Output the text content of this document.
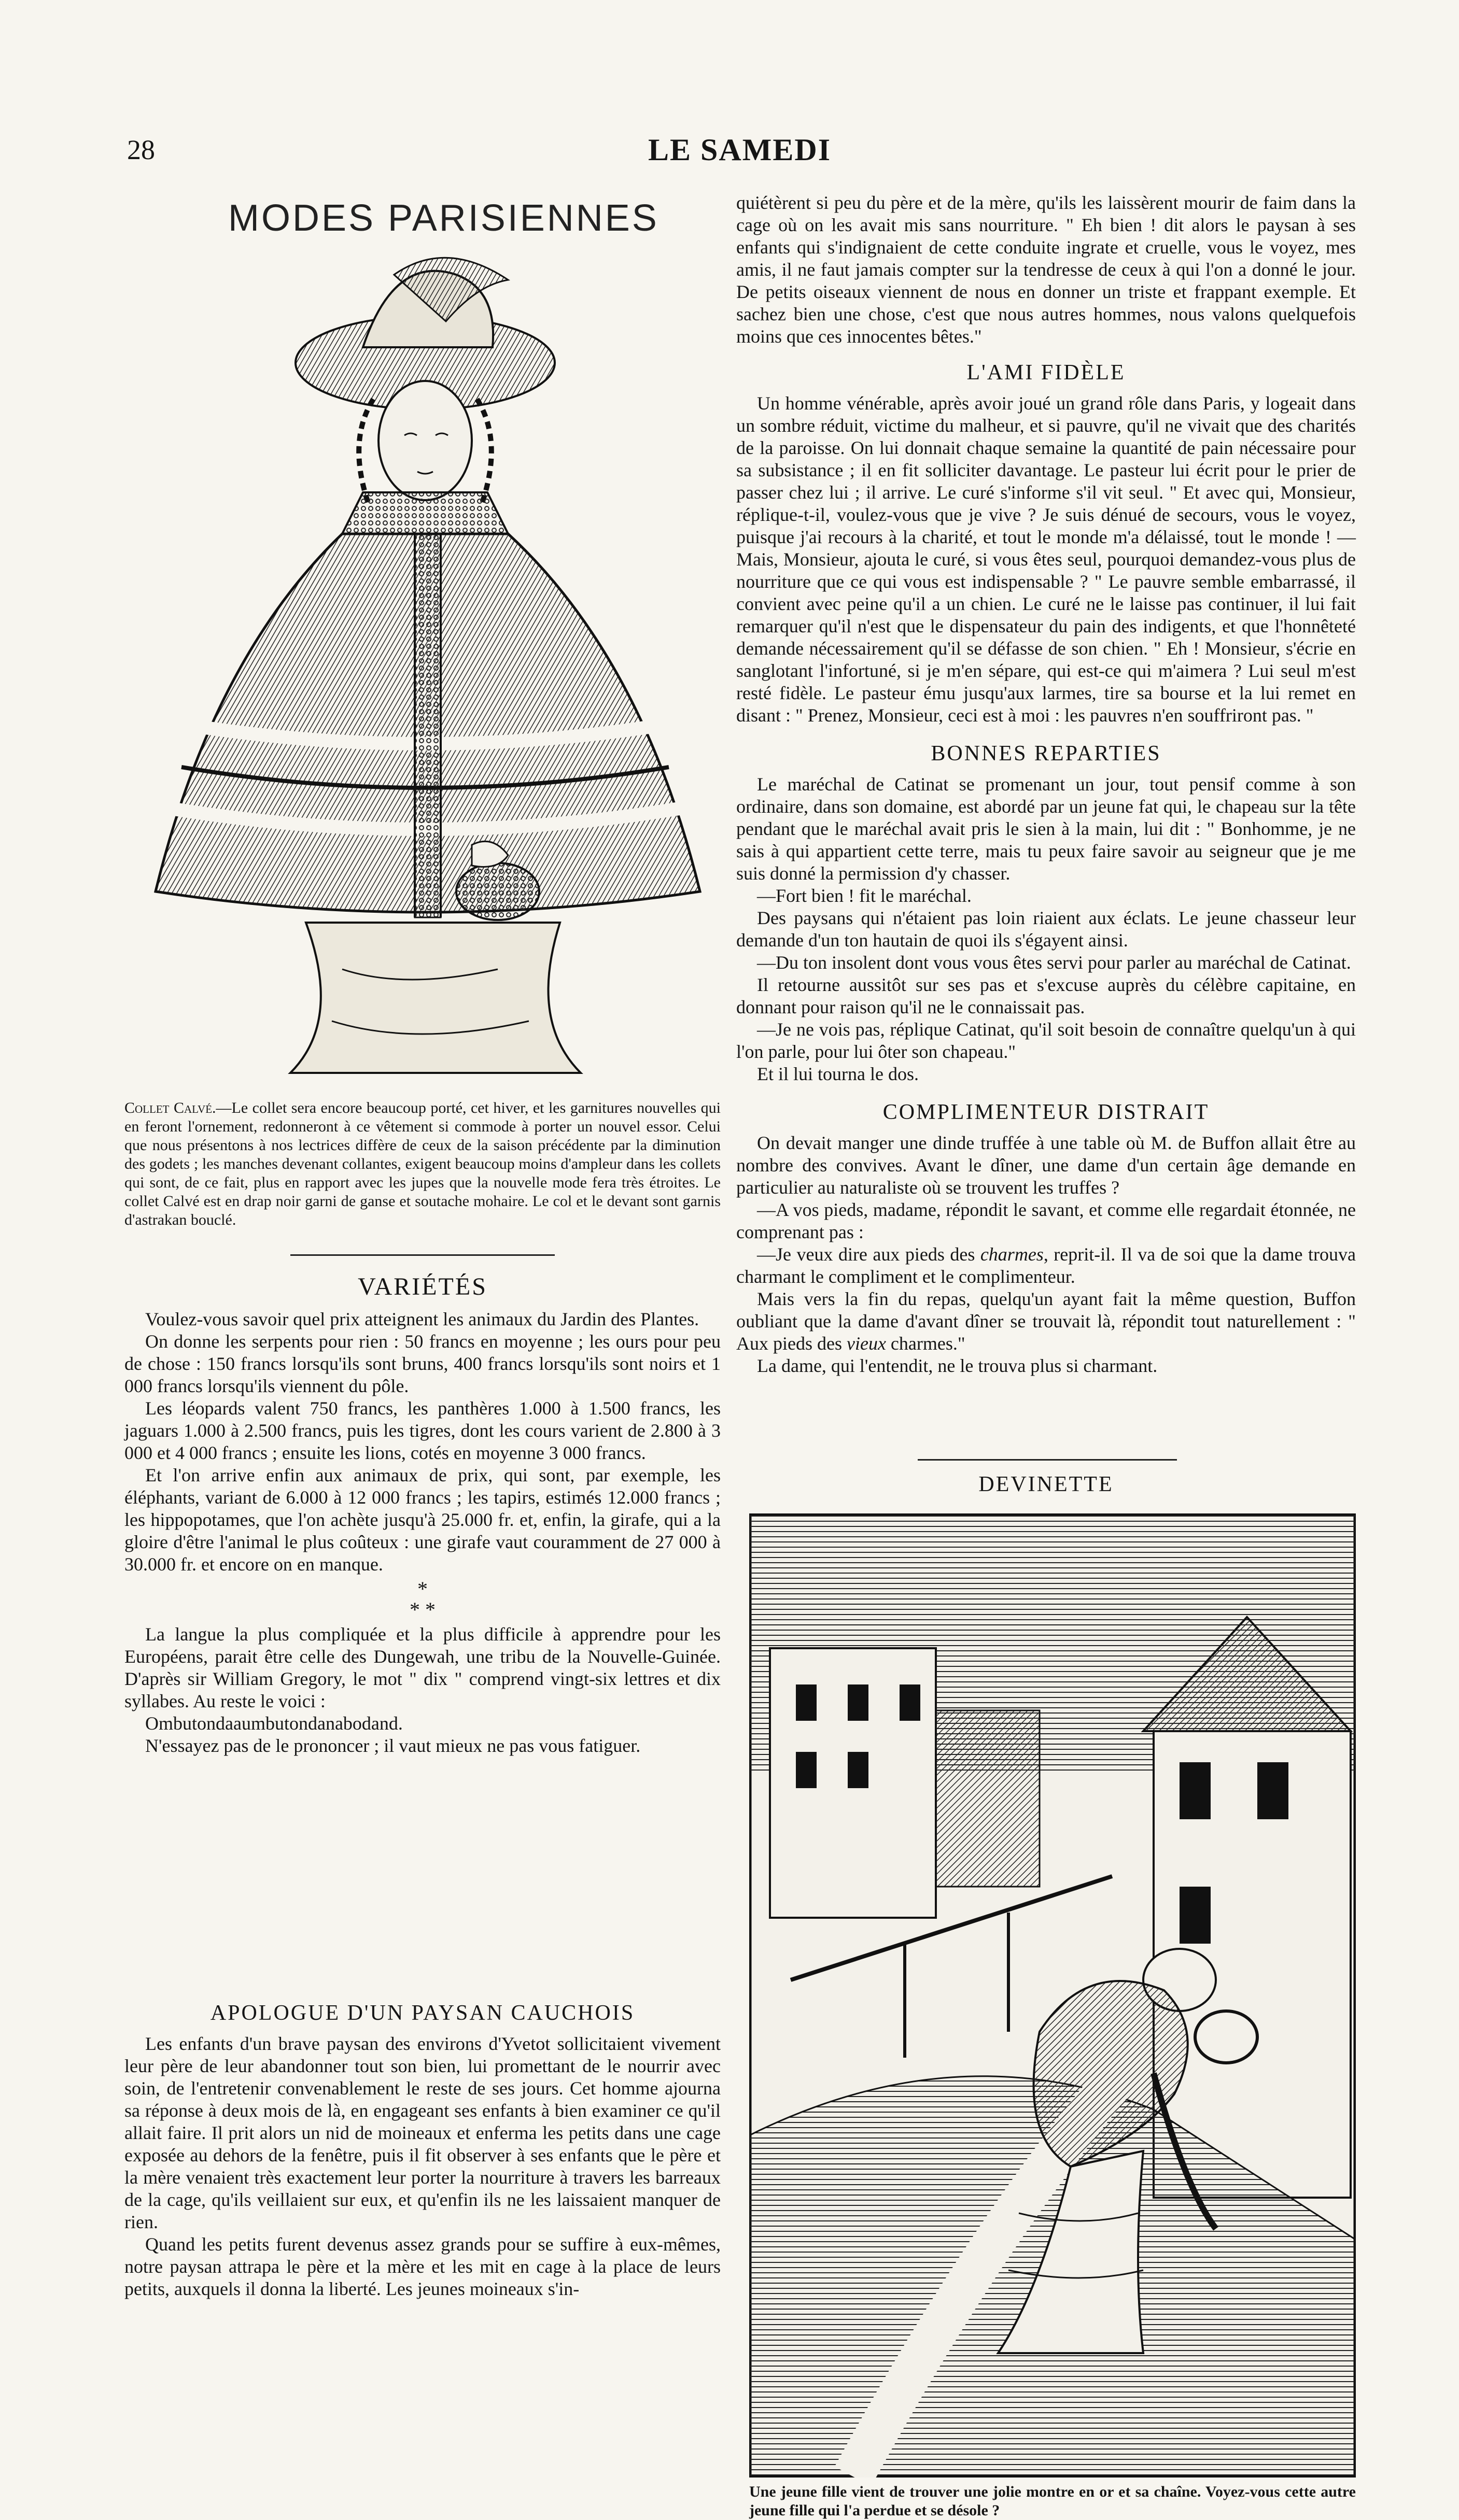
28	LE SAMEDI
MODES PARISIENNES
Collet Calvé.—Le collet sera encore beaucoup porté, cet hiver, et les garnitures nouvelles qui en feront l'ornement, redonneront à ce vêtement si commode à porter un nouvel essor. Celui que nous présentons à nos lectrices diffère de ceux de la saison précédente par la diminution des godets ; les manches devenant collantes, exigent beaucoup moins d'ampleur dans les collets qui sont, de ce fait, plus en rapport avec les jupes que la nouvelle mode fera très étroites. Le collet Calvé est en drap noir garni de ganse et soutache mohaire. Le col et le devant sont garnis d'astrakan bouclé.
VARIÉTÉS

Voulez-vous savoir quel prix atteignent les animaux du Jardin des Plantes.

On donne les serpents pour rien : 50 francs en moyenne ; les ours pour peu de chose : 150 francs lorsqu'ils sont bruns, 400 francs lorsqu'ils sont noirs et 1 000 francs lorsqu'ils viennent du pôle.

Les léopards valent 750 francs, les panthères 1.000 à 1.500 francs, les jaguars 1.000 à 2.500 francs, puis les tigres, dont les cours varient de 2.800 à 3 000 et 4 000 francs ; ensuite les lions, cotés en moyenne 3 000 francs.

Et l'on arrive enfin aux animaux de prix, qui sont, par exemple, les éléphants, variant de 6.000 à 12 000 francs ; les tapirs, estimés 12.000 francs ; les hippopotames, que l'on achète jusqu'à 25.000 fr. et, enfin, la girafe, qui a la gloire d'être l'animal le plus coûteux : une girafe vaut couramment de 27 000 à 30.000 fr. et encore on en manque.

*
* *

La langue la plus compliquée et la plus difficile à apprendre pour les Européens, parait être celle des Dungewah, une tribu de la Nouvelle-Guinée. D'après sir William Gregory, le mot " dix " comprend vingt-six lettres et dix syllabes. Au reste le voici :

Ombutondaaumbutondanabodand.

N'essayez pas de le prononcer ; il vaut mieux ne pas vous fatiguer.

APOLOGUE D'UN PAYSAN CAUCHOIS

Les enfants d'un brave paysan des environs d'Yvetot sollicitaient vivement leur père de leur abandonner tout son bien, lui promettant de le nourrir avec soin, de l'entretenir convenablement le reste de ses jours. Cet homme ajourna sa réponse à deux mois de là, en engageant ses enfants à bien examiner ce qu'il allait faire. Il prit alors un nid de moineaux et enferma les petits dans une cage exposée au dehors de la fenêtre, puis il fit observer à ses enfants que le père et la mère venaient très exactement leur porter la nourriture à travers les barreaux de la cage, qu'ils veillaient sur eux, et qu'enfin ils ne les laissaient manquer de rien.

Quand les petits furent devenus assez grands pour se suffire à eux-mêmes, notre paysan attrapa le père et la mère et les mit en cage à la place de leurs petits, auxquels il donna la liberté. Les jeunes moineaux s'in-

quiétèrent si peu du père et de la mère, qu'ils les laissèrent mourir de faim dans la cage où on les avait mis sans nourriture. " Eh bien ! dit alors le paysan à ses enfants qui s'indignaient de cette conduite ingrate et cruelle, vous le voyez, mes amis, il ne faut jamais compter sur la tendresse de ceux à qui l'on a donné le jour. De petits oiseaux viennent de nous en donner un triste et frappant exemple. Et sachez bien une chose, c'est que nous autres hommes, nous valons quelquefois moins que ces innocentes bêtes."

L'AMI FIDÈLE

Un homme vénérable, après avoir joué un grand rôle dans Paris, y logeait dans un sombre réduit, victime du malheur, et si pauvre, qu'il ne vivait que des charités de la paroisse. On lui donnait chaque semaine la quantité de pain nécessaire pour sa subsistance ; il en fit solliciter davantage. Le pasteur lui écrit pour le prier de passer chez lui ; il arrive. Le curé s'informe s'il vit seul. " Et avec qui, Monsieur, réplique-t-il, voulez-vous que je vive ? Je suis dénué de secours, vous le voyez, puisque j'ai recours à la charité, et tout le monde m'a délaissé, tout le monde ! — Mais, Monsieur, ajouta le curé, si vous êtes seul, pourquoi demandez-vous plus de nourriture que ce qui vous est indispensable ? " Le pauvre semble embarrassé, il convient avec peine qu'il a un chien. Le curé ne le laisse pas continuer, il lui fait remarquer qu'il n'est que le dispensateur du pain des indigents, et que l'honnêteté demande nécessairement qu'il se défasse de son chien. " Eh ! Monsieur, s'écrie en sanglotant l'infortuné, si je m'en sépare, qui est-ce qui m'aimera ? Lui seul m'est resté fidèle. Le pasteur ému jusqu'aux larmes, tire sa bourse et la lui remet en disant : " Prenez, Monsieur, ceci est à moi : les pauvres n'en souffriront pas. "

BONNES REPARTIES

Le maréchal de Catinat se promenant un jour, tout pensif comme à son ordinaire, dans son domaine, est abordé par un jeune fat qui, le chapeau sur la tête pendant que le maréchal avait pris le sien à la main, lui dit : " Bonhomme, je ne sais à qui appartient cette terre, mais tu peux faire savoir au seigneur que je me suis donné la permission d'y chasser.

—Fort bien ! fit le maréchal.

Des paysans qui n'étaient pas loin riaient aux éclats. Le jeune chasseur leur demande d'un ton hautain de quoi ils s'égayent ainsi.

—Du ton insolent dont vous vous êtes servi pour parler au maréchal de Catinat.

Il retourne aussitôt sur ses pas et s'excuse auprès du célèbre capitaine, en donnant pour raison qu'il ne le connaissait pas.

—Je ne vois pas, réplique Catinat, qu'il soit besoin de connaître quelqu'un à qui l'on parle, pour lui ôter son chapeau."

Et il lui tourna le dos.

COMPLIMENTEUR DISTRAIT

On devait manger une dinde truffée à une table où M. de Buffon allait être au nombre des convives. Avant le dîner, une dame d'un certain âge demande en particulier au naturaliste où se trouvent les truffes ?

—A vos pieds, madame, répondit le savant, et comme elle regardait étonnée, ne comprenant pas :

—Je veux dire aux pieds des charmes, reprit-il. Il va de soi que la dame trouva charmant le compliment et le complimenteur.

Mais vers la fin du repas, quelqu'un ayant fait la même question, Buffon oubliant que la dame d'avant dîner se trouvait là, répondit tout naturellement : " Aux pieds des vieux charmes."

La dame, qui l'entendit, ne le trouva plus si charmant.

DEVINETTE

Une jeune fille vient de trouver une jolie montre en or et sa chaîne. Voyez-vous cette autre jeune fille qui l'a perdue et se désole ?
